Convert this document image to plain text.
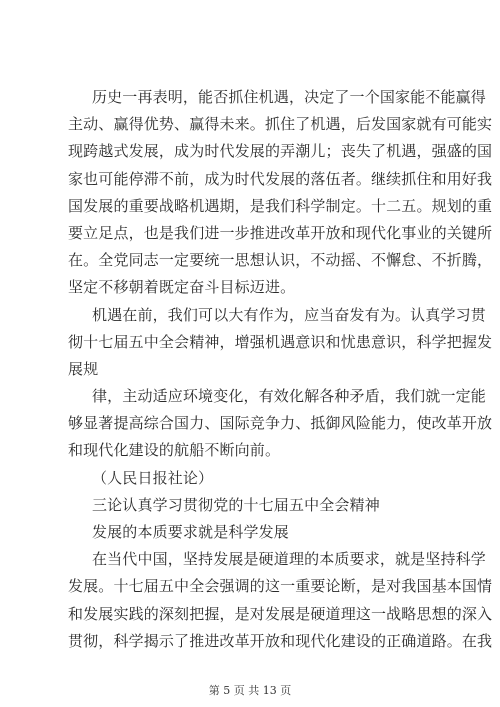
历史一再表明，能否抓住机遇，决定了一个国家能不能赢得
主动、赢得优势、赢得未来。抓住了机遇，后发国家就有可能实
现跨越式发展，成为时代发展的弄潮儿；丧失了机遇，强盛的国
家也可能停滞不前，成为时代发展的落伍者。继续抓住和用好我
国发展的重要战略机遇期，是我们科学制定。十二五。规划的重
要立足点，也是我们进一步推进改革开放和现代化事业的关键所
在。全党同志一定要统一思想认识，不动摇、不懈怠、不折腾，
坚定不移朝着既定奋斗目标迈进。
机遇在前，我们可以大有作为，应当奋发有为。认真学习贯
彻十七届五中全会精神，增强机遇意识和忧患意识，科学把握发
展规
律，主动适应环境变化，有效化解各种矛盾，我们就一定能
够显著提高综合国力、国际竞争力、抵御风险能力，使改革开放
和现代化建设的航船不断向前。
（人民日报社论）
三论认真学习贯彻党的十七届五中全会精神
发展的本质要求就是科学发展
在当代中国，坚持发展是硬道理的本质要求，就是坚持科学
发展。十七届五中全会强调的这一重要论断，是对我国基本国情
和发展实践的深刻把握，是对发展是硬道理这一战略思想的深入
贯彻，科学揭示了推进改革开放和现代化建设的正确道路。在我
第 5 页 共 13 页
